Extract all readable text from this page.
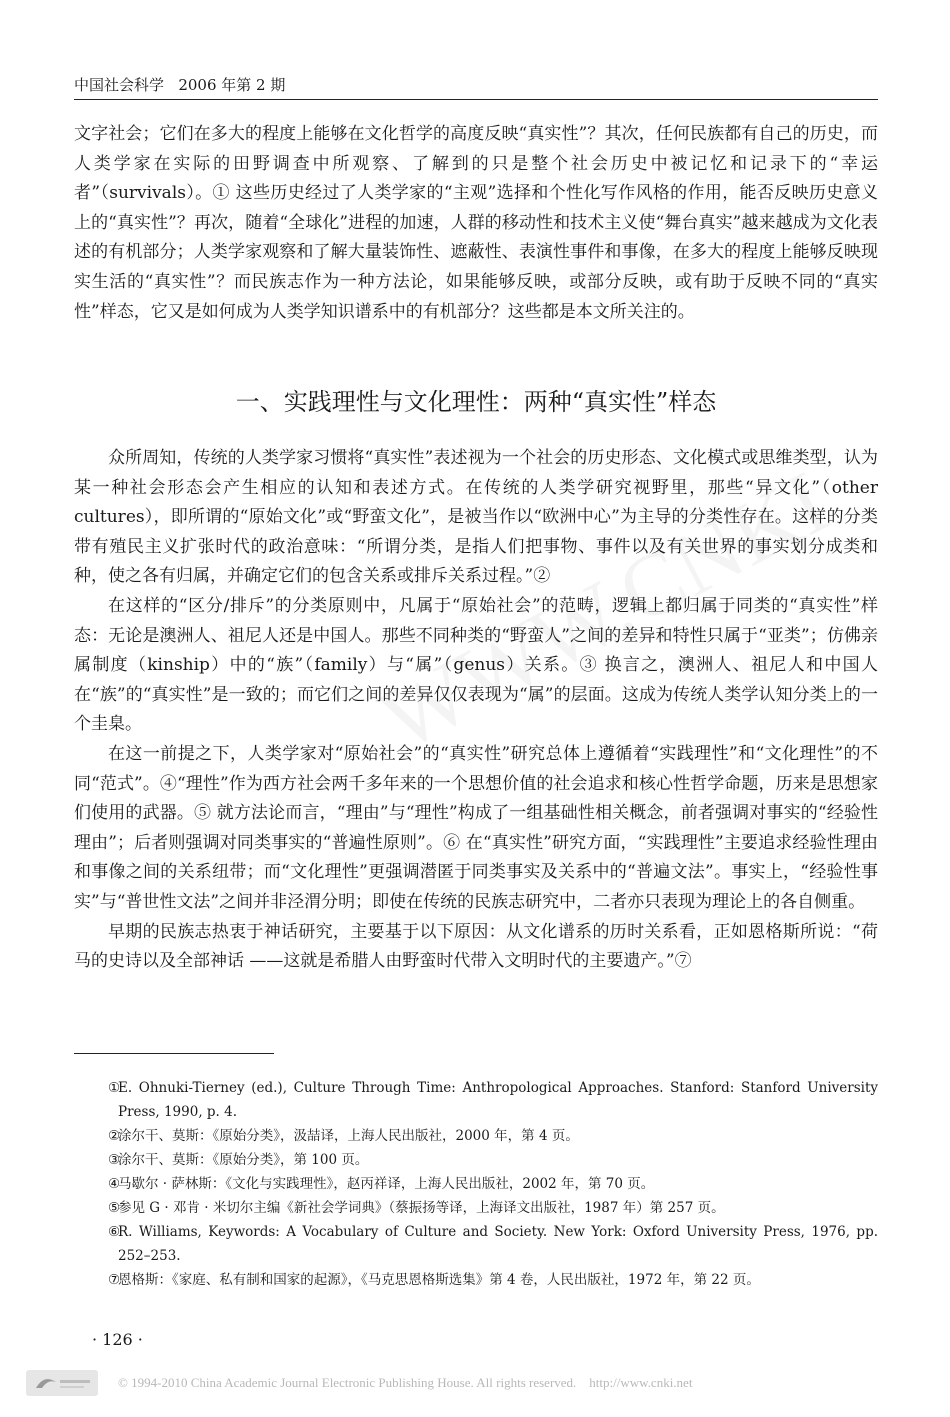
中国社会科学 2006 年第 2 期

文字社会；它们在多大的程度上能够在文化哲学的高度反映“真实性”？其次，任何民族都有自己的历史，而人类学家在实际的田野调查中所观察、了解到的只是整个社会历史中被记忆和记录下的“幸运者”（survivals）。① 这些历史经过了人类学家的“主观”选择和个性化写作风格的作用，能否反映历史意义上的“真实性”？再次，随着“全球化”进程的加速，人群的移动性和技术主义使“舞台真实”越来越成为文化表述的有机部分；人类学家观察和了解大量装饰性、遮蔽性、表演性事件和事像，在多大的程度上能够反映现实生活的“真实性”？而民族志作为一种方法论，如果能够反映，或部分反映，或有助于反映不同的“真实性”样态，它又是如何成为人类学知识谱系中的有机部分？这些都是本文所关注的。

一、实践理性与文化理性：两种“真实性”样态

众所周知，传统的人类学家习惯将“真实性”表述视为一个社会的历史形态、文化模式或思维类型，认为某一种社会形态会产生相应的认知和表述方式。在传统的人类学研究视野里，那些“异文化”（other cultures），即所谓的“原始文化”或“野蛮文化”，是被当作以“欧洲中心”为主导的分类性存在。这样的分类带有殖民主义扩张时代的政治意味：“所谓分类，是指人们把事物、事件以及有关世界的事实划分成类和种，使之各有归属，并确定它们的包含关系或排斥关系过程。”②

在这样的“区分/排斥”的分类原则中，凡属于“原始社会”的范畴，逻辑上都归属于同类的“真实性”样态：无论是澳洲人、祖尼人还是中国人。那些不同种类的“野蛮人”之间的差异和特性只属于“亚类”；仿佛亲属制度（kinship）中的“族”（family）与“属”（genus）关系。③ 换言之，澳洲人、祖尼人和中国人在“族”的“真实性”是一致的；而它们之间的差异仅仅表现为“属”的层面。这成为传统人类学认知分类上的一个圭臬。

在这一前提之下，人类学家对“原始社会”的“真实性”研究总体上遵循着“实践理性”和“文化理性”的不同“范式”。④“理性”作为西方社会两千多年来的一个思想价值的社会追求和核心性哲学命题，历来是思想家们使用的武器。⑤ 就方法论而言，“理由”与“理性”构成了一组基础性相关概念，前者强调对事实的“经验性理由”；后者则强调对同类事实的“普遍性原则”。⑥ 在“真实性”研究方面，“实践理性”主要追求经验性理由和事像之间的关系纽带；而“文化理性”更强调潜匿于同类事实及关系中的“普遍文法”。事实上，“经验性事实”与“普世性文法”之间并非泾渭分明；即使在传统的民族志研究中，二者亦只表现为理论上的各自侧重。

早期的民族志热衷于神话研究，主要基于以下原因：从文化谱系的历时关系看，正如恩格斯所说：“荷马的史诗以及全部神话 ——这就是希腊人由野蛮时代带入文明时代的主要遗产。”⑦

①
E. Ohnuki-Tierney (ed.), Culture Through Time: Anthropological Approaches. Stanford: Stanford University Press, 1990, p. 4.
②
涂尔干、莫斯：《原始分类》，汲喆译，上海人民出版社，2000 年，第 4 页。
③
涂尔干、莫斯：《原始分类》，第 100 页。
④
马歇尔 · 萨林斯：《文化与实践理性》，赵丙祥译，上海人民出版社，2002 年，第 70 页。
⑤
参见 G · 邓肯 · 米切尔主编《新社会学词典》（蔡振扬等译，上海译文出版社，1987 年）第 257 页。
⑥
R. Williams, Keywords: A Vocabulary of Culture and Society. New York: Oxford University Press, 1976, pp. 252–253.
⑦
恩格斯：《家庭、私有制和国家的起源》，《马克思恩格斯选集》第 4 卷，人民出版社，1972 年，第 22 页。
· 126 ·
© 1994-2010 China Academic Journal Electronic Publishing House. All rights reserved.    http://www.cnki.net
